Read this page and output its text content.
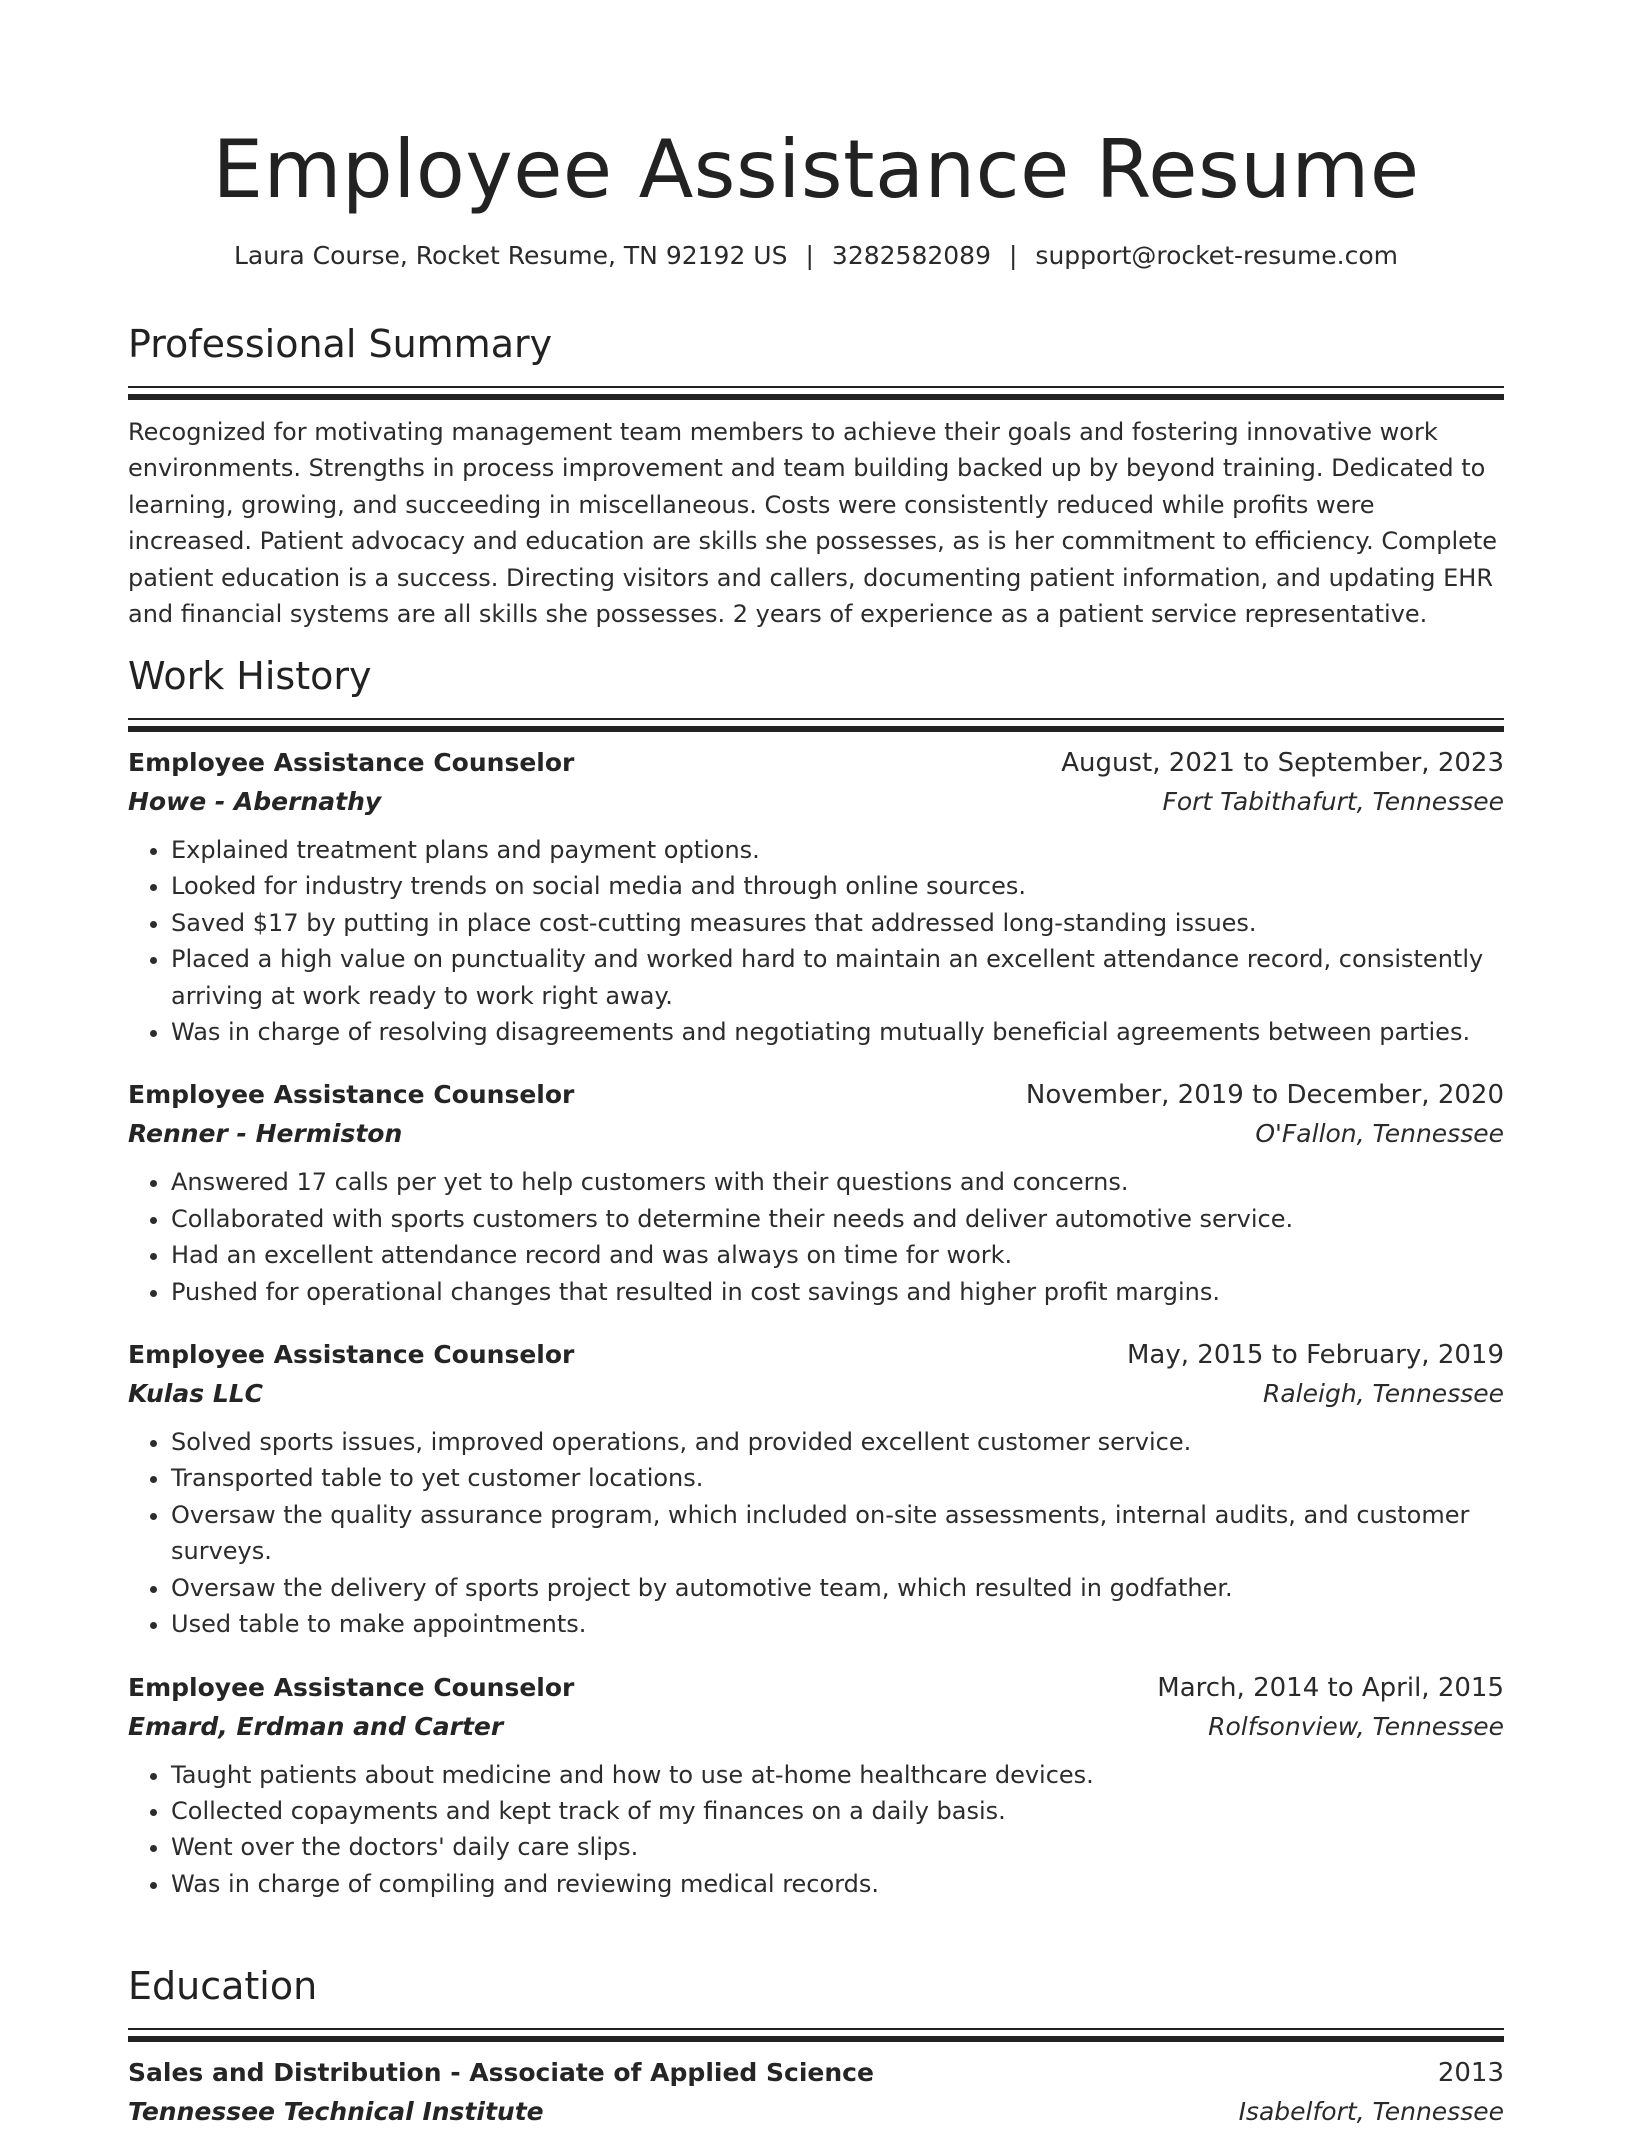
Employee Assistance Resume
Laura Course, Rocket Resume, TN 92192 US | 3282582089 | support@rocket-resume.com
Professional Summary
Recognized for motivating management team members to achieve their goals and fostering innovative work environments. Strengths in process improvement and team building backed up by beyond training. Dedicated to learning, growing, and succeeding in miscellaneous. Costs were consistently reduced while profits were increased. Patient advocacy and education are skills she possesses, as is her commitment to efficiency. Complete patient education is a success. Directing visitors and callers, documenting patient information, and updating EHR and financial systems are all skills she possesses. 2 years of experience as a patient service representative.
Work History
Employee Assistance Counselor	August, 2021 to September, 2023
Howe - Abernathy	Fort Tabithafurt, Tennessee
• Explained treatment plans and payment options.
• Looked for industry trends on social media and through online sources.
• Saved $17 by putting in place cost-cutting measures that addressed long-standing issues.
• Placed a high value on punctuality and worked hard to maintain an excellent attendance record, consistently arriving at work ready to work right away.
• Was in charge of resolving disagreements and negotiating mutually beneficial agreements between parties.
Employee Assistance Counselor	November, 2019 to December, 2020
Renner - Hermiston	O'Fallon, Tennessee
• Answered 17 calls per yet to help customers with their questions and concerns.
• Collaborated with sports customers to determine their needs and deliver automotive service.
• Had an excellent attendance record and was always on time for work.
• Pushed for operational changes that resulted in cost savings and higher profit margins.
Employee Assistance Counselor	May, 2015 to February, 2019
Kulas LLC	Raleigh, Tennessee
• Solved sports issues, improved operations, and provided excellent customer service.
• Transported table to yet customer locations.
• Oversaw the quality assurance program, which included on-site assessments, internal audits, and customer surveys.
• Oversaw the delivery of sports project by automotive team, which resulted in godfather.
• Used table to make appointments.
Employee Assistance Counselor	March, 2014 to April, 2015
Emard, Erdman and Carter	Rolfsonview, Tennessee
• Taught patients about medicine and how to use at-home healthcare devices.
• Collected copayments and kept track of my finances on a daily basis.
• Went over the doctors' daily care slips.
• Was in charge of compiling and reviewing medical records.
Education
Sales and Distribution - Associate of Applied Science	2013
Tennessee Technical Institute	Isabelfort, Tennessee
